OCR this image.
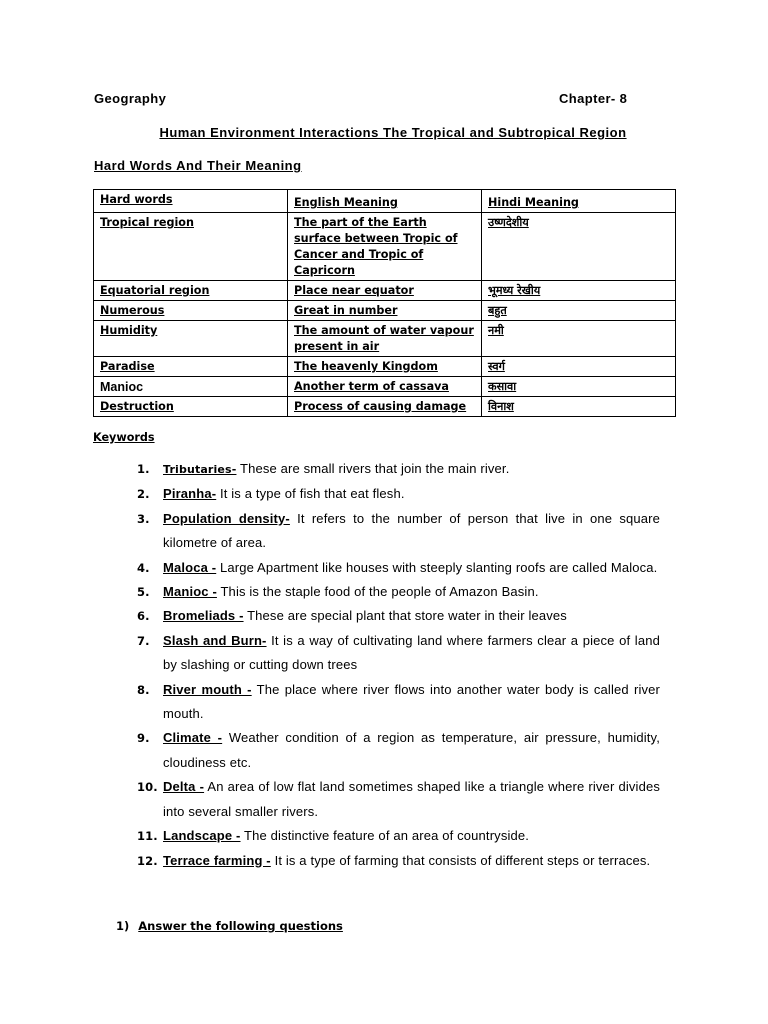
Geography	Chapter- 8
Human Environment Interactions The Tropical and Subtropical Region
Hard Words And Their Meaning
Hard words	English Meaning	Hindi Meaning
Tropical region	The part of the Earth surface between Tropic of Cancer and Tropic of Capricorn	उष्णदेशीय
Equatorial region	Place near equator	भूमध्य रेखीय
Numerous	Great in number	बहुत
Humidity	The amount of water vapour present in air	नमी
Paradise	The heavenly Kingdom	स्वर्ग
Manioc	Another term of cassava	कसावा
Destruction	Process of causing damage	विनाश
Keywords
1.	Tributaries- These are small rivers that join the main river.
2.	Piranha- It is a type of fish that eat flesh.
3.	Population density- It refers to the number of person that live in one square kilometre of area.
4.	Maloca - Large Apartment like houses with steeply slanting roofs are called Maloca.
5.	Manioc - This is the staple food of the people of Amazon Basin.
6.	Bromeliads - These are special plant that store water in their leaves
7.	Slash and Burn- It is a way of cultivating land where farmers clear a piece of land by slashing or cutting down trees
8.	River mouth - The place where river flows into another water body is called river mouth.
9.	Climate - Weather condition of a region as temperature, air pressure, humidity, cloudiness etc.
10. Delta - An area of low flat land sometimes shaped like a triangle where river divides into several smaller rivers.
11. Landscape - The distinctive feature of an area of countryside.
12. Terrace farming - It is a type of farming that consists of different steps or terraces.
1) Answer the following questions
